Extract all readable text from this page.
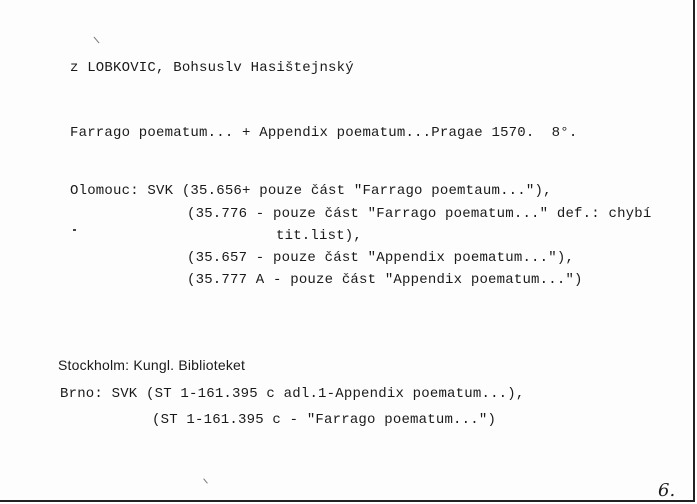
z LOBKOVIC, Bohsuslv Hasištejnský
Farrago poematum... + Appendix poematum...Pragae 1570.  8°.
Olomouc: SVK (35.656+ pouze část "Farrago poemtaum..."),
(35.776 - pouze část "Farrago poematum..." def.: chybí
tit.list),
(35.657 - pouze část "Appendix poematum..."),
(35.777 A - pouze část "Appendix poematum...")
Stockholm: Kungl. Biblioteket
Brno: SVK (ST 1-161.395 c adl.1-Appendix poematum...),
(ST 1-161.395 c - "Farrago poematum...")
6.
